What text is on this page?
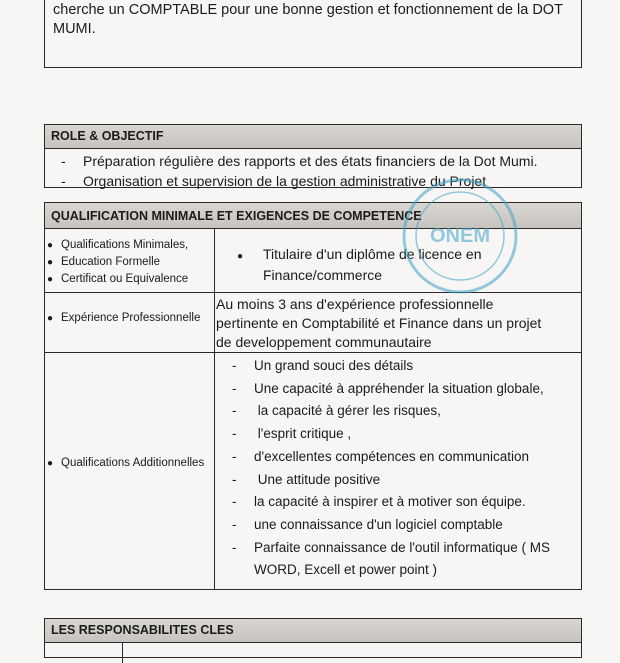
cherche un COMPTABLE pour une bonne gestion et fonctionnement de la DOT
MUMI.
ROLE & OBJECTIF
- Préparation régulière des rapports et des états financiers de la Dot Mumi.
- Organisation et supervision de la gestion administrative du Projet
QUALIFICATION MINIMALE ET EXIGENCES DE COMPETENCE
● Qualifications Minimales,
● Education Formelle
● Certificat ou Equivalence
● Titulaire d'un diplôme de licence en
Finance/commerce
● Expérience Professionnelle
Au moins 3 ans d'expérience professionnelle
pertinente en Comptabilité et Finance dans un projet
de developpement communautaire
● Qualifications Additionnelles
- Un grand souci des détails
- Une capacité à appréhender la situation globale,
- la capacité à gérer les risques,
- l'esprit critique ,
- d'excellentes compétences en communication
- Une attitude positive
- la capacité à inspirer et à motiver son équipe.
- une connaissance d'un logiciel comptable
- Parfaite connaissance de l'outil informatique ( MS
WORD, Excell et power point )
LES RESPONSABILITES CLES
ONEM
